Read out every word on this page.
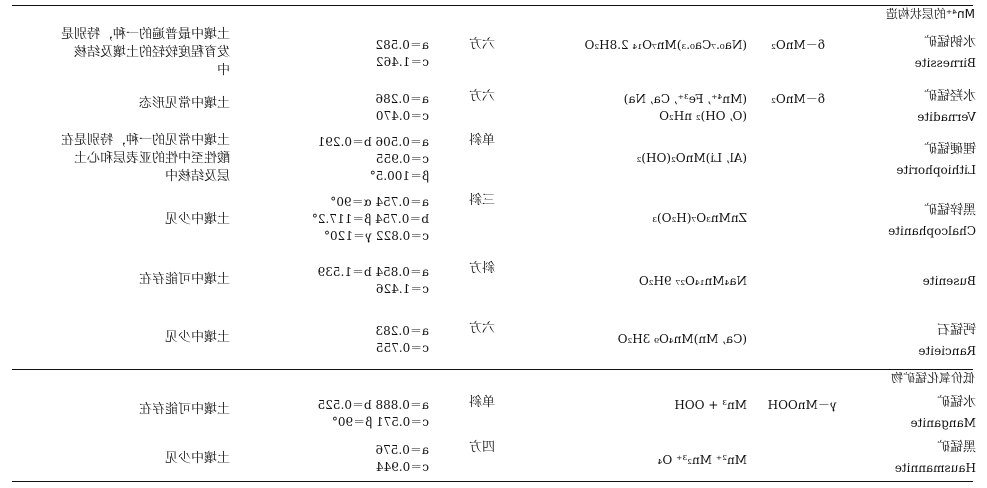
Mn⁴⁺的层状构造
低价氧化锰矿物
水钠锰矿
Birnessite
δ－MnO₂
(Na₀.₇Ca₀.₃)Mn₇O₁₄ 2.8H₂O
六方
a＝0.582
c＝1.462
土壤中最普遍的一种，特别是
发育程度较轻的土壤及结核
中
水羟锰矿
Vernadite
δ－MnO₂
(Mn⁴⁺, Fe³⁺, Ca, Na)
(O, OH)₂ nH₂O
六方
a＝0.286
c＝0.470
土壤中常见形态
锂硬锰矿
Lithiophorite
(Al, Li)MnO₂(OH)₂
单斜
a＝0.506 b＝0.291
c＝0.955
β＝100.5°
土壤中常见的一种，特别是在
酸性至中性的亚表层和心土
层及结核中
黑锌锰矿
Chalcophanite
ZnMn₃O₇(H₂O)₃
三斜
a＝0.754 α＝90°
b＝0.754 β＝117.2°
c＝0.822 γ＝120°
土壤中少见
Busenite
Na₄Mn₁₄O₂₇ 9H₂O
斜方
a＝0.854 b＝1.539
c＝1.426
土壤中可能存在
钙锰石
Rancieite
(Ca, Mn)Mn₄O₉ 3H₂O
六方
a＝0.283
c＝0.755
土壤中少见
水锰矿
Manganite
γ－MnOOH
Mn³ + OOH
单斜
a＝0.888 b＝0.525
c＝0.571 β＝90°
土壤中可能存在
黑锰矿
Hausmannite
Mn²⁺ Mn₂³⁺ O₄
四方
a＝0.576
c＝0.944
土壤中少见
